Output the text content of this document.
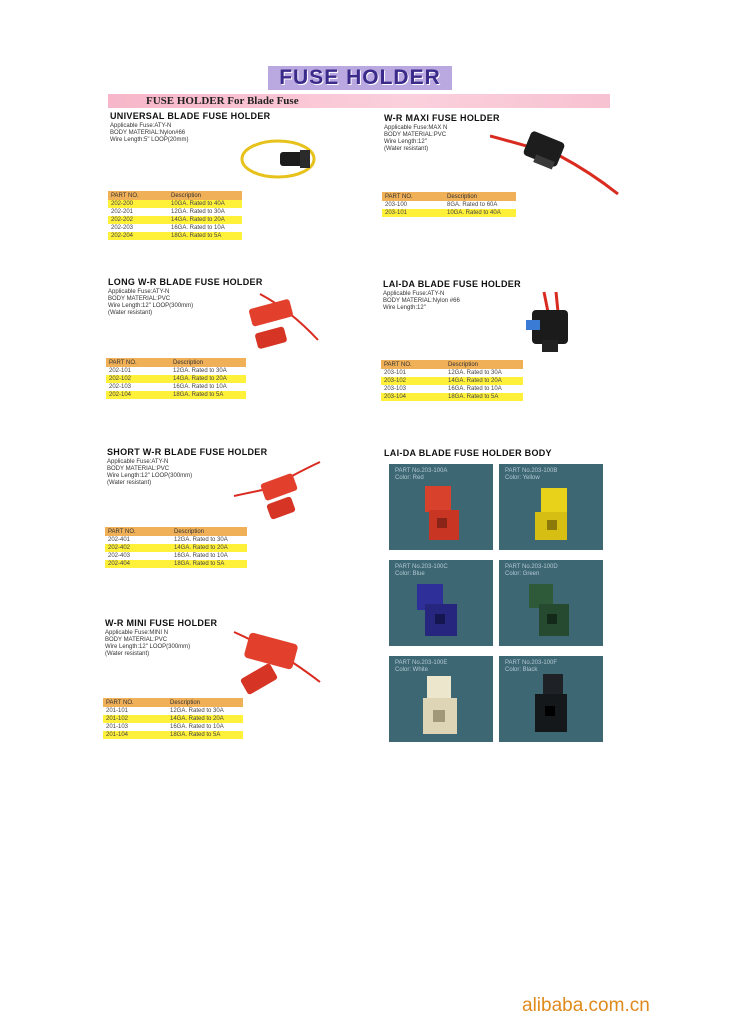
FUSE HOLDER
FUSE HOLDER For Blade Fuse
UNIVERSAL BLADE FUSE HOLDER
Applicable Fuse:ATY-N
BODY MATERIAL:Nylon#66
Wire Length:5" LOOP(20mm)
PART NO.	Description
202-200	10GA. Rated to 40A
202-201	12GA. Rated to 30A
202-202	14GA. Rated to 20A
202-203	16GA. Rated to 10A
202-204	18GA. Rated to 5A
W-R MAXI FUSE HOLDER
Applicable Fuse:MAX N
BODY MATERIAL:PVC
Wire Length:12"
(Water resistant)
PART NO.	Description
203-100	8GA. Rated to 60A
203-101	10GA. Rated to 40A
LONG W-R BLADE FUSE HOLDER
Applicable Fuse:ATY-N
BODY MATERIAL:PVC
Wire Length:12" LOOP(300mm)
(Water resistant)
PART NO.	Description
202-101	12GA. Rated to 30A
202-102	14GA. Rated to 20A
202-103	16GA. Rated to 10A
202-104	18GA. Rated to 5A
LAI-DA BLADE FUSE HOLDER
Applicable Fuse:ATY-N
BODY MATERIAL:Nylon #66
Wire Length:12"
PART NO.	Description
203-101	12GA. Rated to 30A
203-102	14GA. Rated to 20A
203-103	16GA. Rated to 10A
203-104	18GA. Rated to 5A
SHORT W-R BLADE FUSE HOLDER
Applicable Fuse:ATY-N
BODY MATERIAL:PVC
Wire Length:12" LOOP(300mm)
(Water resistant)
PART NO.	Description
202-401	12GA. Rated to 30A
202-402	14GA. Rated to 20A
202-403	16GA. Rated to 10A
202-404	18GA. Rated to 5A
W-R MINI FUSE HOLDER
Applicable Fuse:MINI N
BODY MATERIAL:PVC
Wire Length:12" LOOP(300mm)
(Water resistant)
PART NO.	Description
201-101	12GA. Rated to 30A
201-102	14GA. Rated to 20A
201-103	16GA. Rated to 10A
201-104	18GA. Rated to 5A
LAI-DA BLADE FUSE HOLDER BODY
PART No.203-100A
Color: Red
PART No.203-100B
Color: Yellow
PART No.203-100C
Color: Blue
PART No.203-100D
Color: Green
PART No.203-100E
Color: White
PART No.203-100F
Color: Black
alibaba.com.cn
